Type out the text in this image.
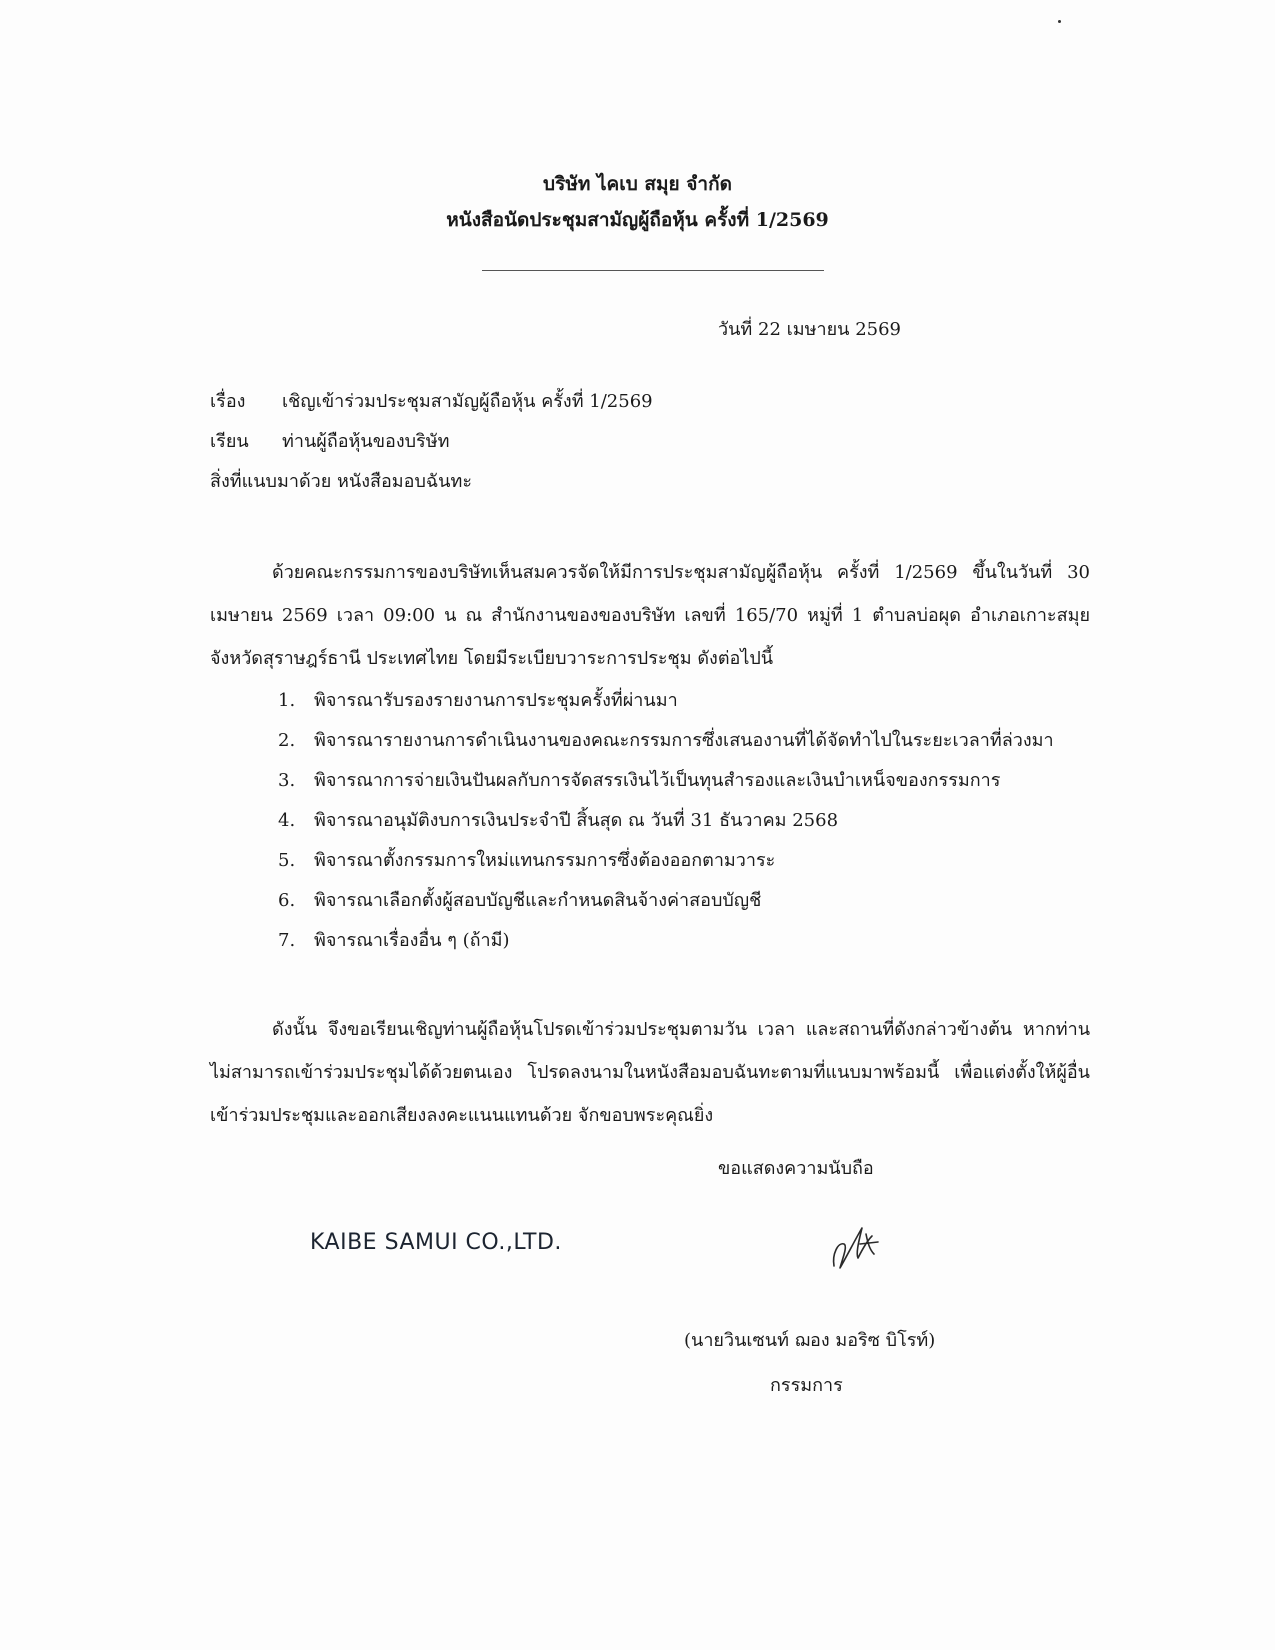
บริษัท ไคเบ สมุย จำกัด
หนังสือนัดประชุมสามัญผู้ถือหุ้น ครั้งที่ 1/2569
วันที่ 22 เมษายน 2569
เรื่อง เชิญเข้าร่วมประชุมสามัญผู้ถือหุ้น ครั้งที่ 1/2569
เรียน ท่านผู้ถือหุ้นของบริษัท
สิ่งที่แนบมาด้วย หนังสือมอบฉันทะ

ด้วยคณะกรรมการของบริษัทเห็นสมควรจัดให้มีการประชุมสามัญผู้ถือหุ้น ครั้งที่ 1/2569 ขึ้นในวันที่ 30 เมษายน 2569 เวลา 09:00 น ณ สำนักงานของของบริษัท เลขที่ 165/70 หมู่ที่ 1 ตำบลบ่อผุด อำเภอเกาะสมุย จังหวัดสุราษฎร์ธานี ประเทศไทย โดยมีระเบียบวาระการประชุม ดังต่อไปนี้

1. พิจารณารับรองรายงานการประชุมครั้งที่ผ่านมา
2. พิจารณารายงานการดำเนินงานของคณะกรรมการซึ่งเสนองานที่ได้จัดทำไปในระยะเวลาที่ล่วงมา
3. พิจารณาการจ่ายเงินปันผลกับการจัดสรรเงินไว้เป็นทุนสำรองและเงินบำเหน็จของกรรมการ
4. พิจารณาอนุมัติงบการเงินประจำปี สิ้นสุด ณ วันที่ 31 ธันวาคม 2568
5. พิจารณาตั้งกรรมการใหม่แทนกรรมการซึ่งต้องออกตามวาระ
6. พิจารณาเลือกตั้งผู้สอบบัญชีและกำหนดสินจ้างค่าสอบบัญชี
7. พิจารณาเรื่องอื่น ๆ (ถ้ามี)

ดังนั้น จึงขอเรียนเชิญท่านผู้ถือหุ้นโปรดเข้าร่วมประชุมตามวัน เวลา และสถานที่ดังกล่าวข้างต้น หากท่านไม่สามารถเข้าร่วมประชุมได้ด้วยตนเอง โปรดลงนามในหนังสือมอบฉันทะตามที่แนบมาพร้อมนี้ เพื่อแต่งตั้งให้ผู้อื่นเข้าร่วมประชุมและออกเสียงลงคะแนนแทนด้วย จักขอบพระคุณยิ่ง

ขอแสดงความนับถือ
KAIBE SAMUI CO.,LTD.
(นายวินเซนท์ ฌอง มอริซ บิโรท์)
กรรมการ
